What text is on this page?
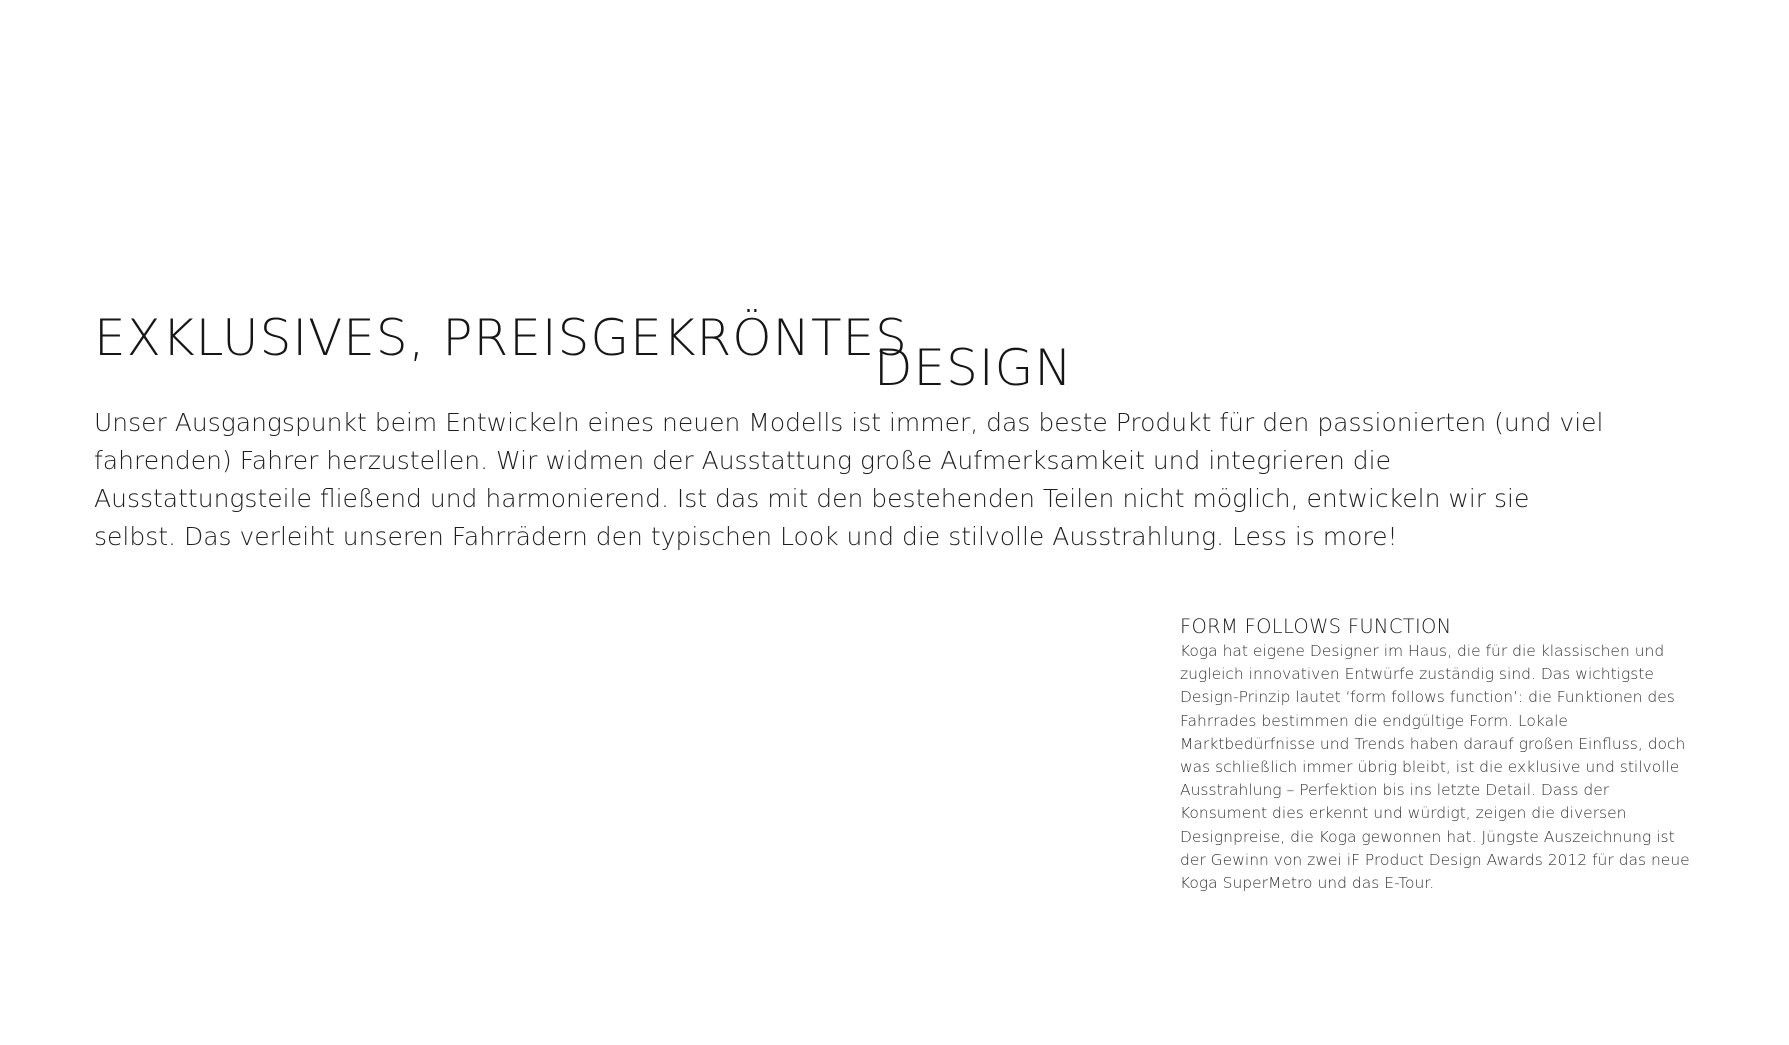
EXKLUSIVES, PREISGEKRÖNTES
DESIGN

Unser Ausgangspunkt beim Entwickeln eines neuen Modells ist immer, das beste Produkt für den passionierten (und viel fahrenden) Fahrer herzustellen. Wir widmen der Ausstattung große Aufmerksamkeit und integrieren die Ausstattungsteile fließend und harmonierend. Ist das mit den bestehenden Teilen nicht möglich, entwickeln wir sie selbst. Das verleiht unseren Fahrrädern den typischen Look und die stilvolle Ausstrahlung. Less is more!

FORM FOLLOWS FUNCTION

Koga hat eigene Designer im Haus, die für die klassischen und zugleich innovativen Entwürfe zuständig sind. Das wichtigste Design-Prinzip lautet ‘form follows function’: die Funktionen des Fahrrades bestimmen die endgültige Form. Lokale Marktbedürfnisse und Trends haben darauf großen Einfluss, doch was schließlich immer übrig bleibt, ist die exklusive und stilvolle Ausstrahlung – Perfektion bis ins letzte Detail. Dass der Konsument dies erkennt und würdigt, zeigen die diversen Designpreise, die Koga gewonnen hat. Jüngste Auszeichnung ist der Gewinn von zwei iF Product Design Awards 2012 für das neue Koga SuperMetro und das E-Tour.
